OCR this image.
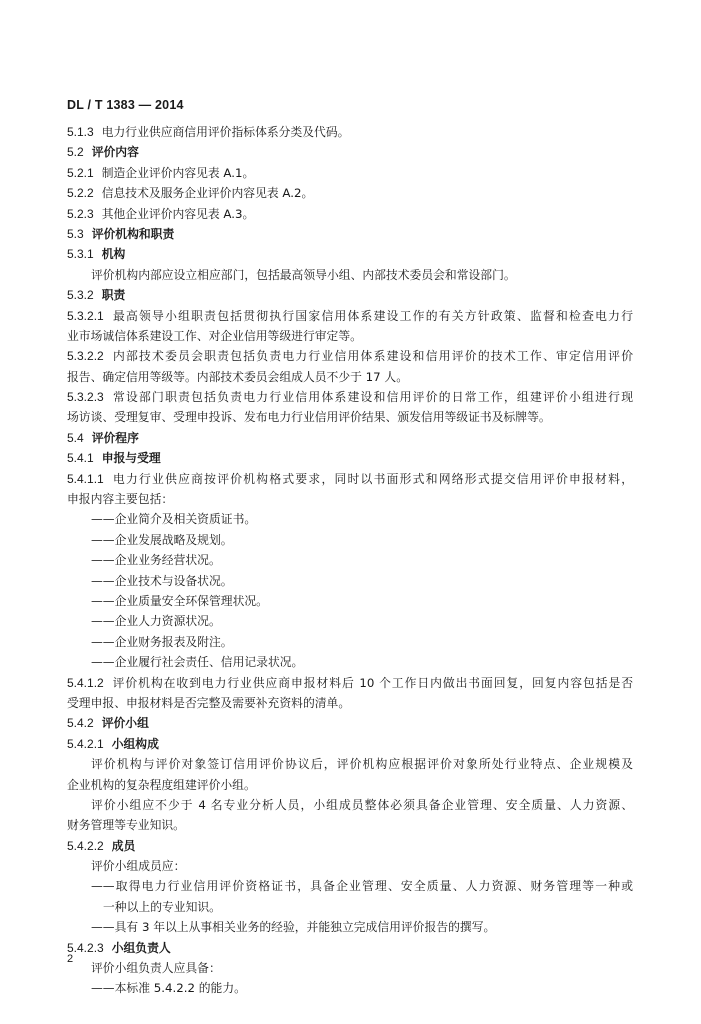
DL / T 1383 — 2014
5.1.3 电力行业供应商信用评价指标体系分类及代码。
5.2 评价内容
5.2.1 制造企业评价内容见表 A.1。
5.2.2 信息技术及服务企业评价内容见表 A.2。
5.2.3 其他企业评价内容见表 A.3。
5.3 评价机构和职责
5.3.1 机构
评价机构内部应设立相应部门，包括最高领导小组、内部技术委员会和常设部门。
5.3.2 职责
5.3.2.1 最高领导小组职责包括贯彻执行国家信用体系建设工作的有关方针政策、监督和检查电力行
业市场诚信体系建设工作、对企业信用等级进行审定等。
5.3.2.2 内部技术委员会职责包括负责电力行业信用体系建设和信用评价的技术工作、审定信用评价
报告、确定信用等级等。内部技术委员会组成人员不少于 17 人。
5.3.2.3 常设部门职责包括负责电力行业信用体系建设和信用评价的日常工作，组建评价小组进行现
场访谈、受理复审、受理申投诉、发布电力行业信用评价结果、颁发信用等级证书及标牌等。
5.4 评价程序
5.4.1 申报与受理
5.4.1.1 电力行业供应商按评价机构格式要求，同时以书面形式和网络形式提交信用评价申报材料，
申报内容主要包括：
——企业简介及相关资质证书。
——企业发展战略及规划。
——企业业务经营状况。
——企业技术与设备状况。
——企业质量安全环保管理状况。
——企业人力资源状况。
——企业财务报表及附注。
——企业履行社会责任、信用记录状况。
5.4.1.2 评价机构在收到电力行业供应商申报材料后 10 个工作日内做出书面回复，回复内容包括是否
受理申报、申报材料是否完整及需要补充资料的清单。
5.4.2 评价小组
5.4.2.1 小组构成
评价机构与评价对象签订信用评价协议后，评价机构应根据评价对象所处行业特点、企业规模及
企业机构的复杂程度组建评价小组。
评价小组应不少于 4 名专业分析人员，小组成员整体必须具备企业管理、安全质量、人力资源、
财务管理等专业知识。
5.4.2.2 成员
评价小组成员应：
——取得电力行业信用评价资格证书，具备企业管理、安全质量、人力资源、财务管理等一种或
一种以上的专业知识。
——具有 3 年以上从事相关业务的经验，并能独立完成信用评价报告的撰写。
5.4.2.3 小组负责人
评价小组负责人应具备：
——本标准 5.4.2.2 的能力。
2
